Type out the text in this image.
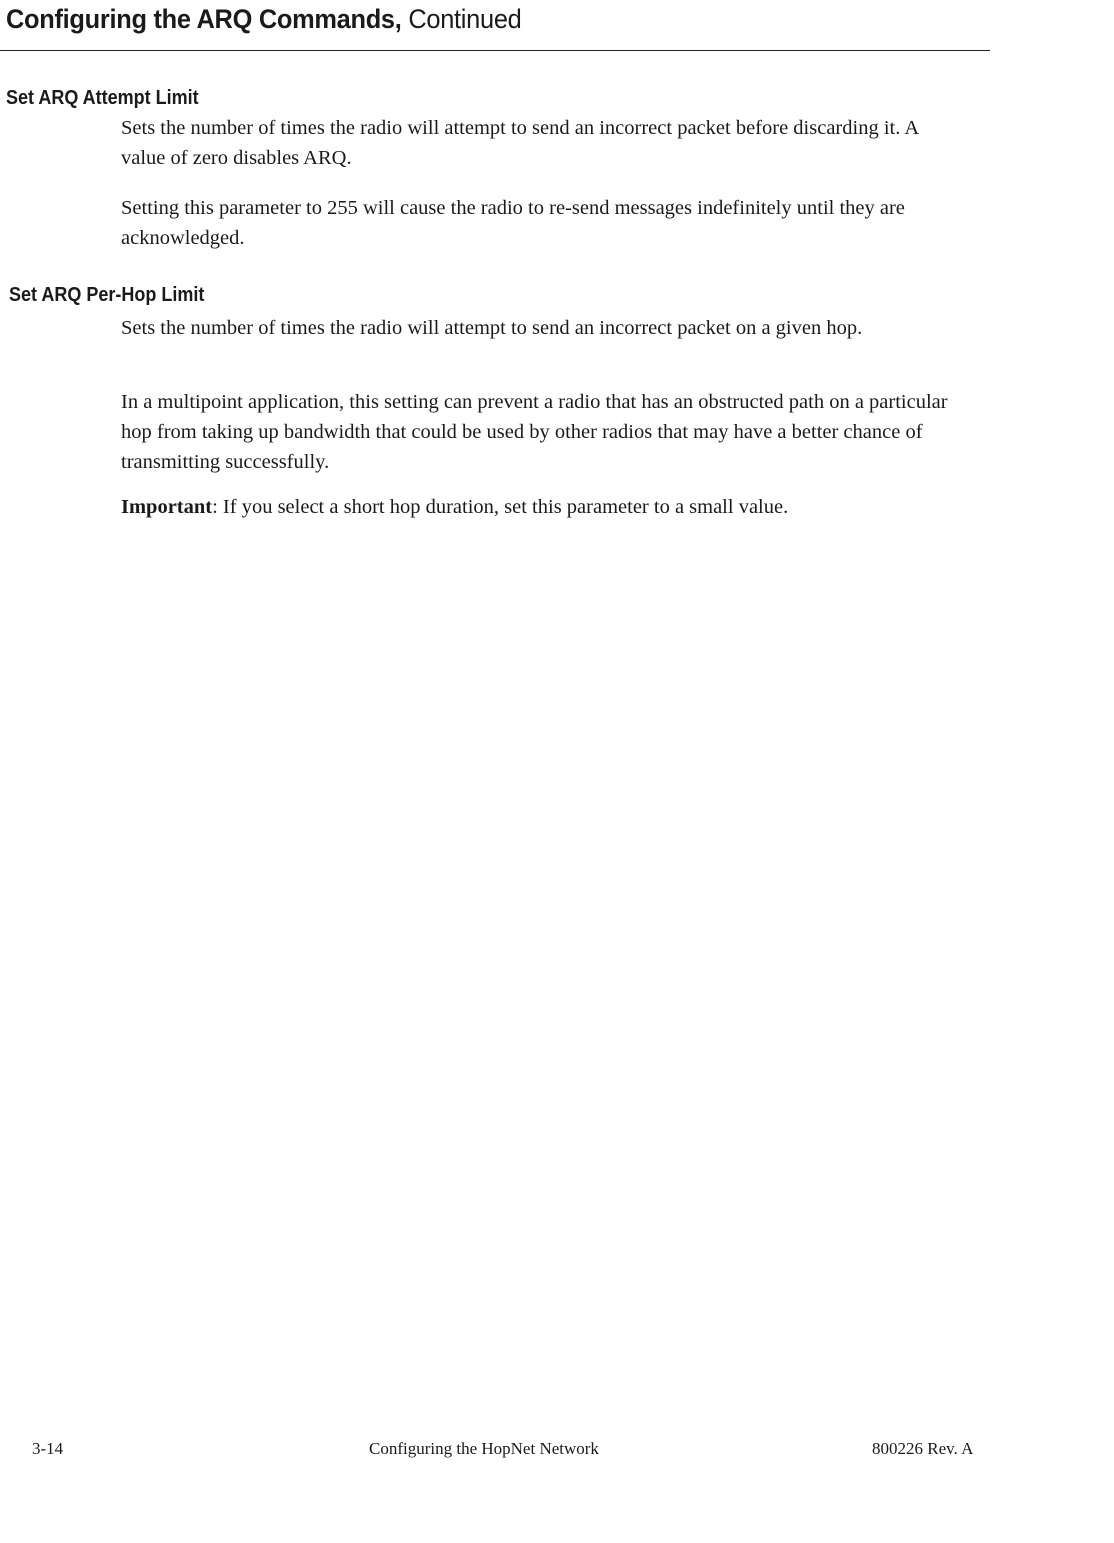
Configuring the ARQ Commands, Continued
Set ARQ Attempt Limit

Sets the number of times the radio will attempt to send an incorrect packet before discarding it. A value of zero disables ARQ.

Setting this parameter to 255 will cause the radio to re-send messages indefinitely until they are acknowledged.

Set ARQ Per-Hop Limit

Sets the number of times the radio will attempt to send an incorrect packet on a given hop.

In a multipoint application, this setting can prevent a radio that has an obstructed path on a particular hop from taking up bandwidth that could be used by other radios that may have a better chance of transmitting successfully.

Important: If you select a short hop duration, set this parameter to a small value.

3-14	Configuring the HopNet Network	800226 Rev. A
